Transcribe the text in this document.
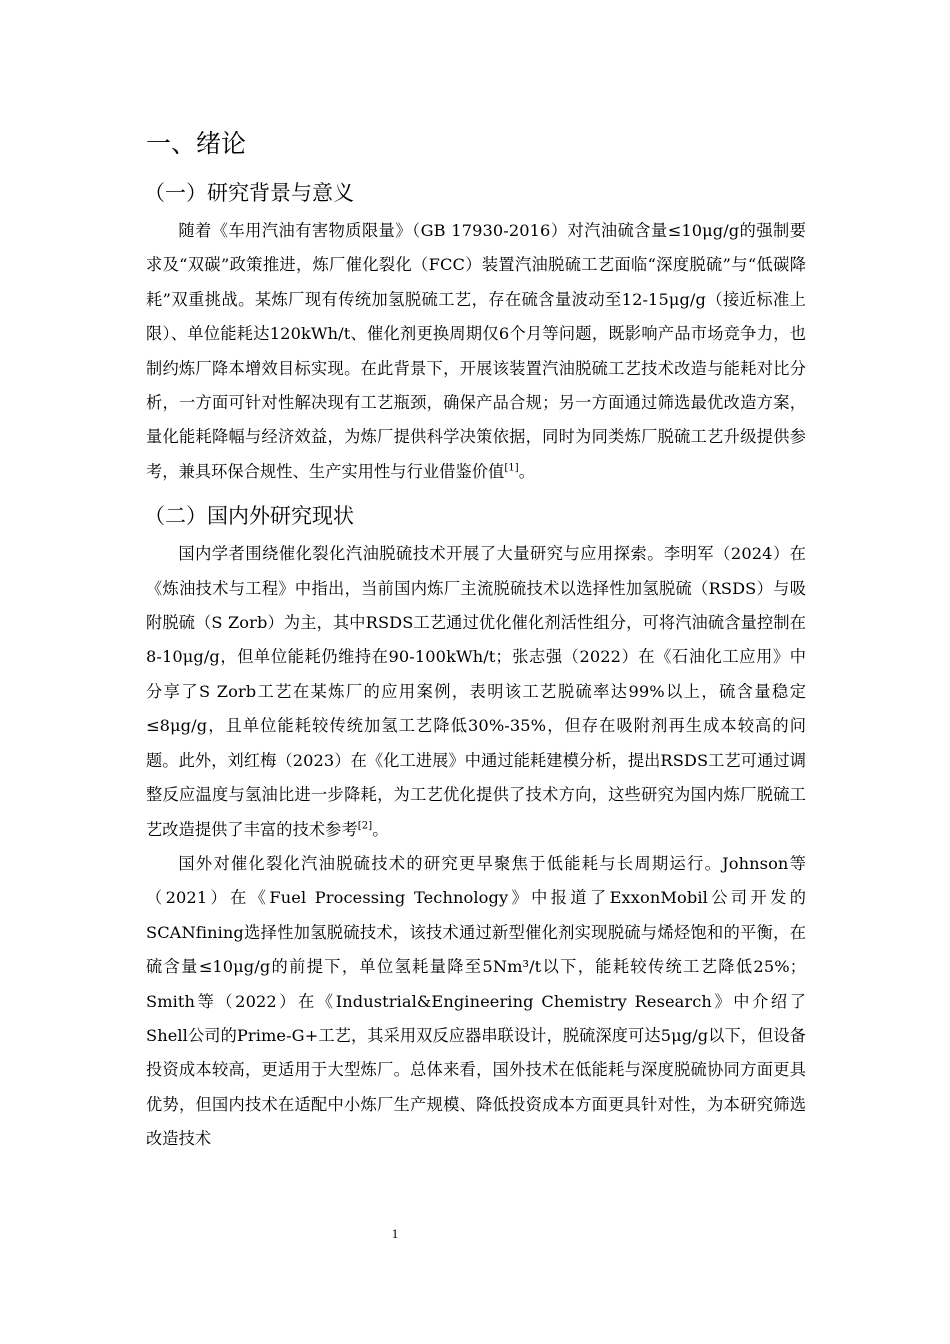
一、绪论
（一）研究背景与意义

随着《车用汽油有害物质限量》（GB 17930-2016）对汽油硫含量≤10μg/g的强制要求及“双碳”政策推进，炼厂催化裂化（FCC）装置汽油脱硫工艺面临“深度脱硫”与“低碳降耗”双重挑战。某炼厂现有传统加氢脱硫工艺，存在硫含量波动至12-15μg/g（接近标准上限）、单位能耗达120kWh/t、催化剂更换周期仅6个月等问题，既影响产品市场竞争力，也制约炼厂降本增效目标实现。在此背景下，开展该装置汽油脱硫工艺技术改造与能耗对比分析，一方面可针对性解决现有工艺瓶颈，确保产品合规；另一方面通过筛选最优改造方案，量化能耗降幅与经济效益，为炼厂提供科学决策依据，同时为同类炼厂脱硫工艺升级提供参考，兼具环保合规性、生产实用性与行业借鉴价值[1]。

（二）国内外研究现状

国内学者围绕催化裂化汽油脱硫技术开展了大量研究与应用探索。李明军（2024）在《炼油技术与工程》中指出，当前国内炼厂主流脱硫技术以选择性加氢脱硫（RSDS）与吸附脱硫（S Zorb）为主，其中RSDS工艺通过优化催化剂活性组分，可将汽油硫含量控制在8-10μg/g，但单位能耗仍维持在90-100kWh/t；张志强（2022）在《石油化工应用》中分享了S Zorb工艺在某炼厂的应用案例，表明该工艺脱硫率达99%以上，硫含量稳定≤8μg/g，且单位能耗较传统加氢工艺降低30%-35%，但存在吸附剂再生成本较高的问题。此外，刘红梅（2023）在《化工进展》中通过能耗建模分析，提出RSDS工艺可通过调整反应温度与氢油比进一步降耗，为工艺优化提供了技术方向，这些研究为国内炼厂脱硫工艺改造提供了丰富的技术参考[2]。

国外对催化裂化汽油脱硫技术的研究更早聚焦于低能耗与长周期运行。Johnson等（2021）在《Fuel Processing Technology》中报道了ExxonMobil公司开发的SCANfining选择性加氢脱硫技术，该技术通过新型催化剂实现脱硫与烯烃饱和的平衡，在硫含量≤10μg/g的前提下，单位氢耗量降至5Nm³/t以下，能耗较传统工艺降低25%；Smith等（2022）在《Industrial&Engineering Chemistry Research》中介绍了Shell公司的Prime-G+工艺，其采用双反应器串联设计，脱硫深度可达5μg/g以下，但设备投资成本较高，更适用于大型炼厂。总体来看，国外技术在低能耗与深度脱硫协同方面更具优势，但国内技术在适配中小炼厂生产规模、降低投资成本方面更具针对性，为本研究筛选改造技术

1
